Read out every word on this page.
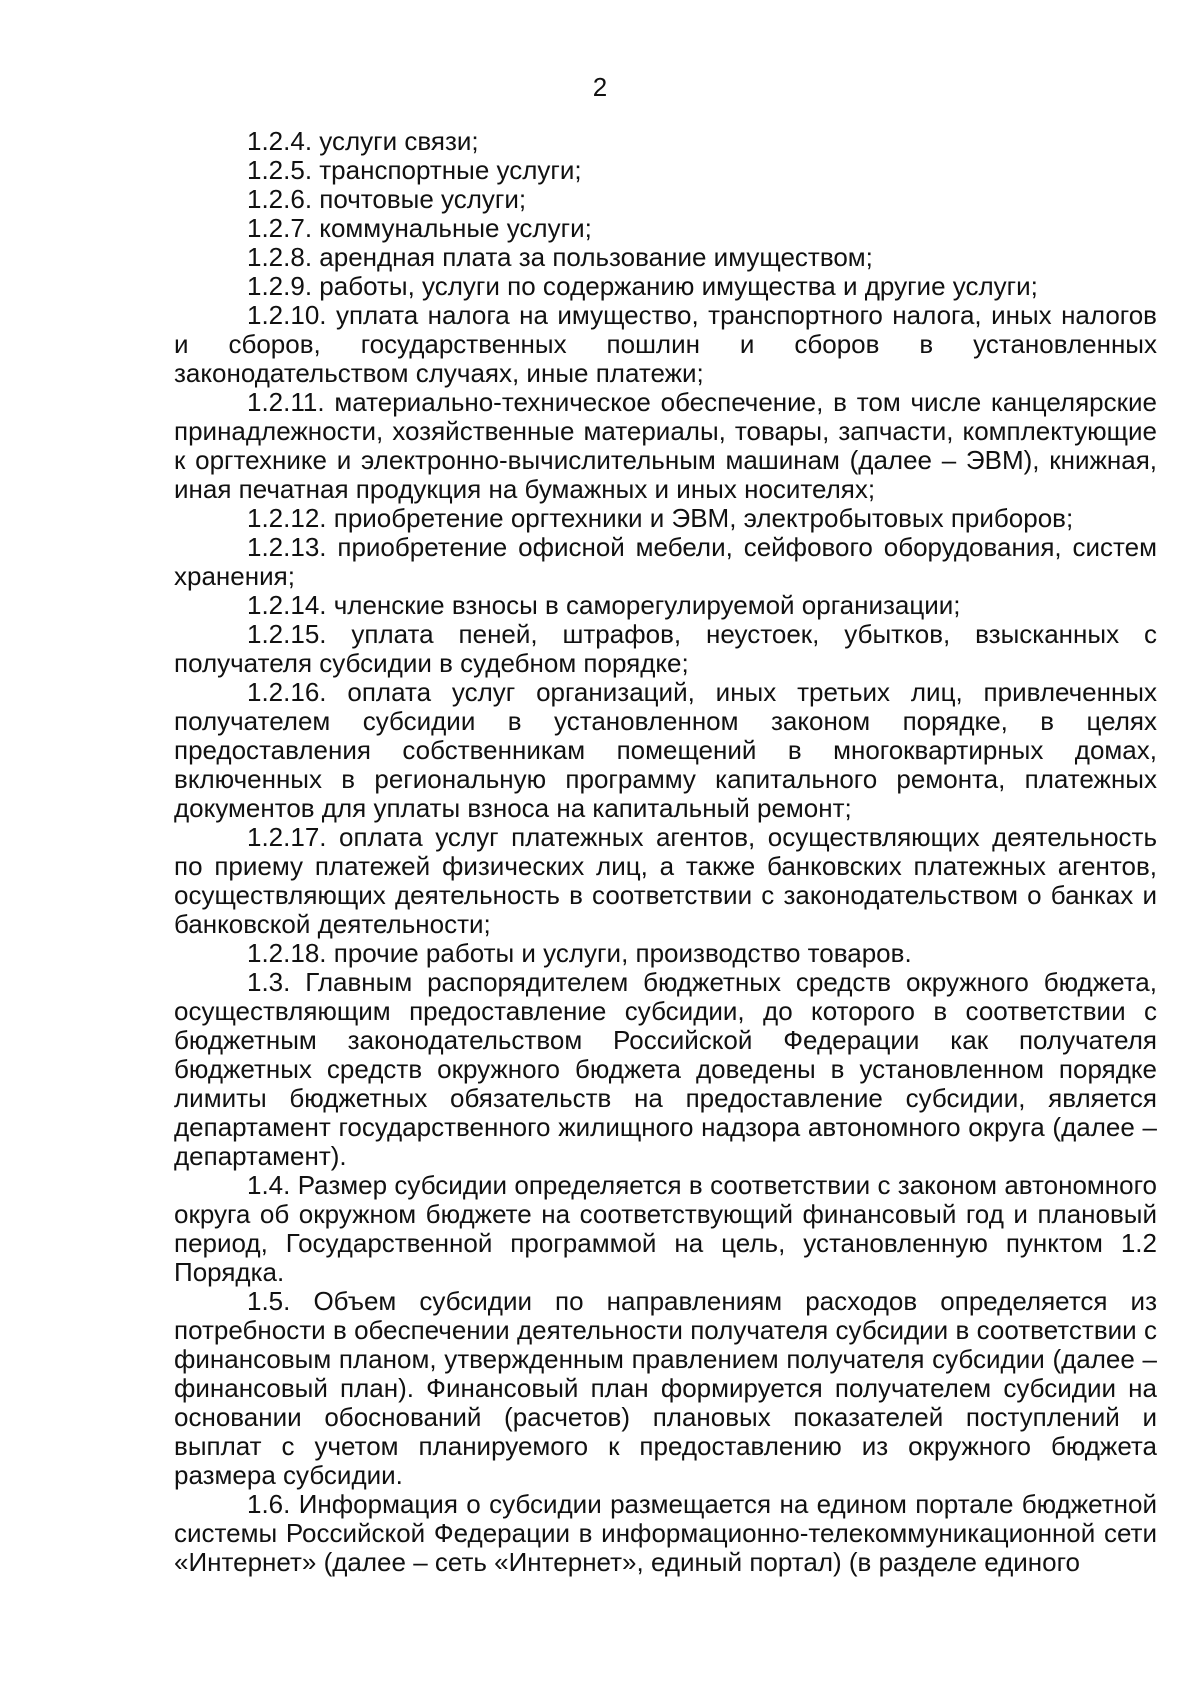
2

1.2.4. услуги связи;

1.2.5. транспортные услуги;

1.2.6. почтовые услуги;

1.2.7. коммунальные услуги;

1.2.8. арендная плата за пользование имуществом;

1.2.9. работы, услуги по содержанию имущества и другие услуги;

1.2.10. уплата налога на имущество, транспортного налога, иных налогов и сборов, государственных пошлин и сборов в установленных законодательством случаях, иные платежи;

1.2.11. материально-техническое обеспечение, в том числе канцелярские принадлежности, хозяйственные материалы, товары, запчасти, комплектующие к оргтехнике и электронно-вычислительным машинам (далее – ЭВМ), книжная, иная печатная продукция на бумажных и иных носителях;

1.2.12. приобретение оргтехники и ЭВМ, электробытовых приборов;

1.2.13. приобретение офисной мебели, сейфового оборудования, систем хранения;

1.2.14. членские взносы в саморегулируемой организации;

1.2.15. уплата пеней, штрафов, неустоек, убытков, взысканных с получателя субсидии в судебном порядке;

1.2.16. оплата услуг организаций, иных третьих лиц, привлеченных получателем субсидии в установленном законом порядке, в целях предоставления собственникам помещений в многоквартирных домах, включенных в региональную программу капитального ремонта, платежных документов для уплаты взноса на капитальный ремонт;

1.2.17. оплата услуг платежных агентов, осуществляющих деятельность по приему платежей физических лиц, а также банковских платежных агентов, осуществляющих деятельность в соответствии с законодательством о банках и банковской деятельности;

1.2.18. прочие работы и услуги, производство товаров.

1.3. Главным распорядителем бюджетных средств окружного бюджета, осуществляющим предоставление субсидии, до которого в соответствии с бюджетным законодательством Российской Федерации как получателя бюджетных средств окружного бюджета доведены в установленном порядке лимиты бюджетных обязательств на предоставление субсидии, является департамент государственного жилищного надзора автономного округа (далее – департамент).

1.4. Размер субсидии определяется в соответствии с законом автономного округа об окружном бюджете на соответствующий финансовый год и плановый период, Государственной программой на цель, установленную пунктом 1.2 Порядка.

1.5. Объем субсидии по направлениям расходов определяется из потребности в обеспечении деятельности получателя субсидии в соответствии с финансовым планом, утвержденным правлением получателя субсидии (далее – финансовый план). Финансовый план формируется получателем субсидии на основании обоснований (расчетов) плановых показателей поступлений и выплат с учетом планируемого к предоставлению из окружного бюджета размера субсидии.

1.6. Информация о субсидии размещается на едином портале бюджетной системы Российской Федерации в информационно-телекоммуникационной сети «Интернет» (далее – сеть «Интернет», единый портал) (в разделе единого
